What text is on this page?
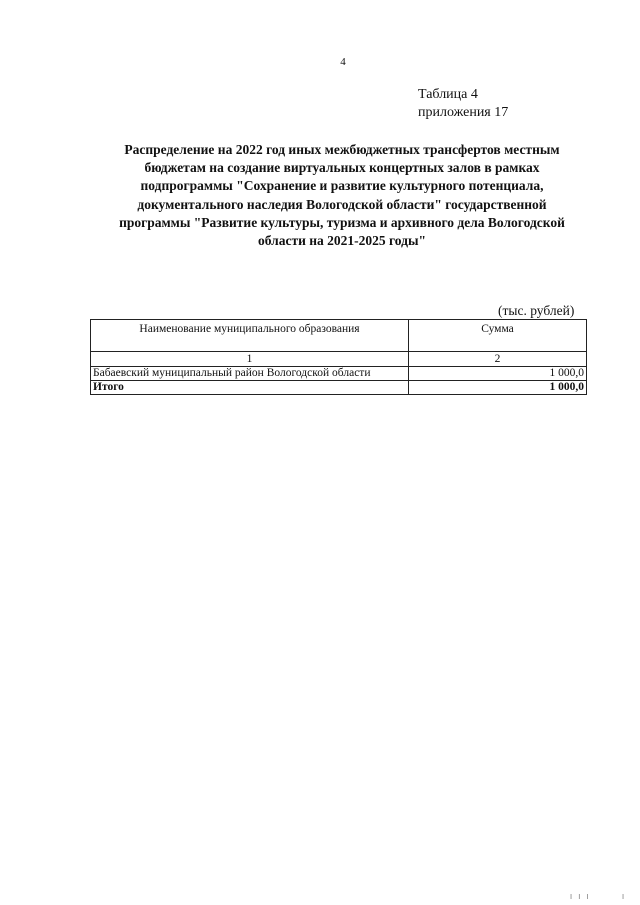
4
Таблица 4
приложения 17
Распределение на 2022 год иных межбюджетных трансфертов местным
бюджетам на создание виртуальных концертных залов в рамках
подпрограммы "Сохранение и развитие культурного потенциала,
документального наследия Вологодской области" государственной
программы "Развитие культуры, туризма и архивного дела Вологодской
области на 2021-2025 годы"
(тыс. рублей)
Наименование муниципального образования	Сумма
1	2
Бабаевский муниципальный район Вологодской области	1 000,0
Итого	1 000,0
I I I	I
